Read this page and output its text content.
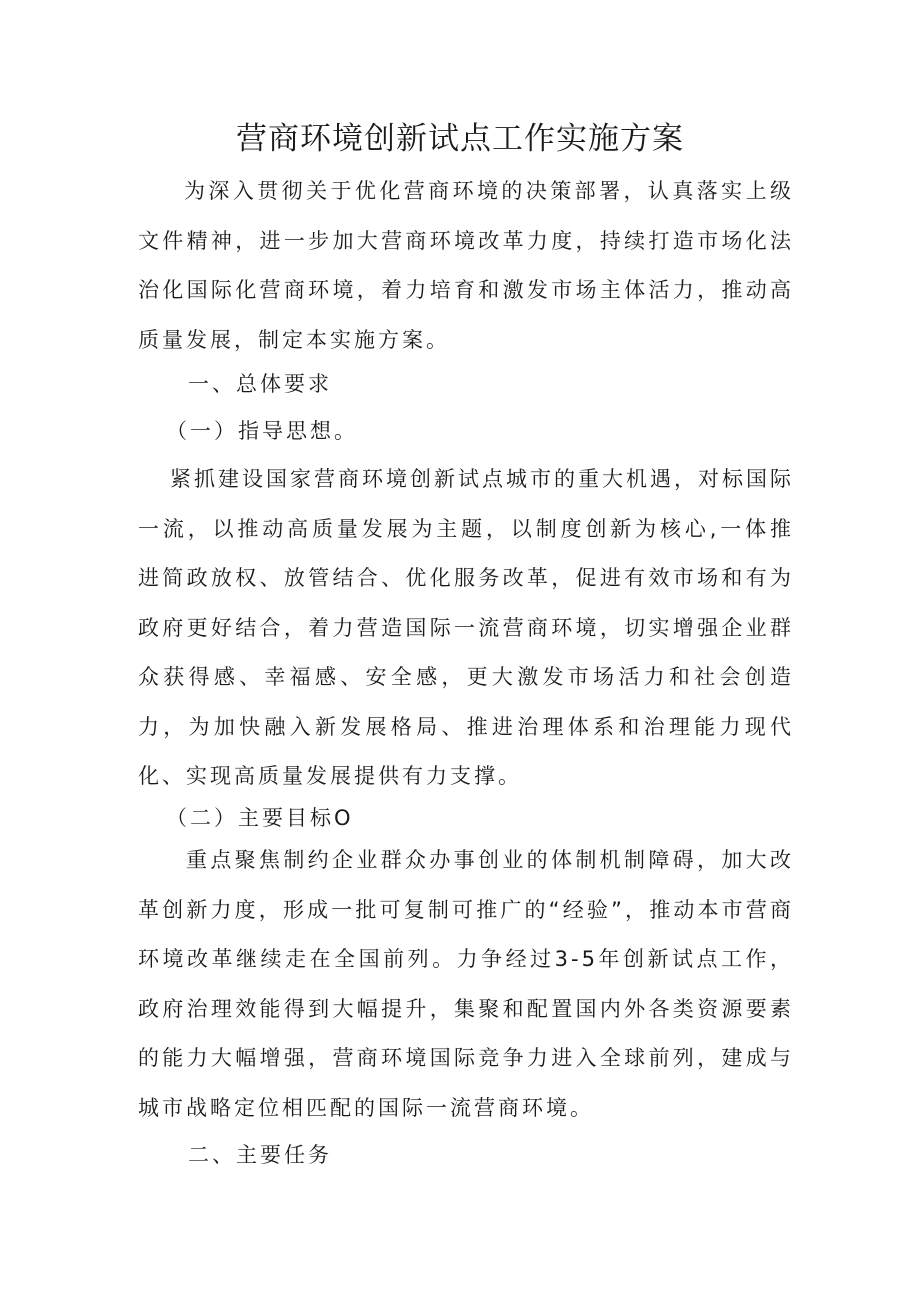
营商环境创新试点工作实施方案

为深入贯彻关于优化营商环境的决策部署，认真落实上级文件精神，进一步加大营商环境改革力度，持续打造市场化法治化国际化营商环境，着力培育和激发市场主体活力，推动高质量发展，制定本实施方案。

一、总体要求

（一）指导思想。

紧抓建设国家营商环境创新试点城市的重大机遇，对标国际一流，以推动高质量发展为主题，以制度创新为核心,一体推进简政放权、放管结合、优化服务改革，促进有效市场和有为政府更好结合，着力营造国际一流营商环境，切实增强企业群众获得感、幸福感、安全感，更大激发市场活力和社会创造力，为加快融入新发展格局、推进治理体系和治理能力现代化、实现高质量发展提供有力支撑。

（二）主要目标O

重点聚焦制约企业群众办事创业的体制机制障碍，加大改革创新力度，形成一批可复制可推广的“经验”，推动本市营商环境改革继续走在全国前列。力争经过3-5年创新试点工作，政府治理效能得到大幅提升，集聚和配置国内外各类资源要素的能力大幅增强，营商环境国际竞争力进入全球前列，建成与城市战略定位相匹配的国际一流营商环境。

二、主要任务
